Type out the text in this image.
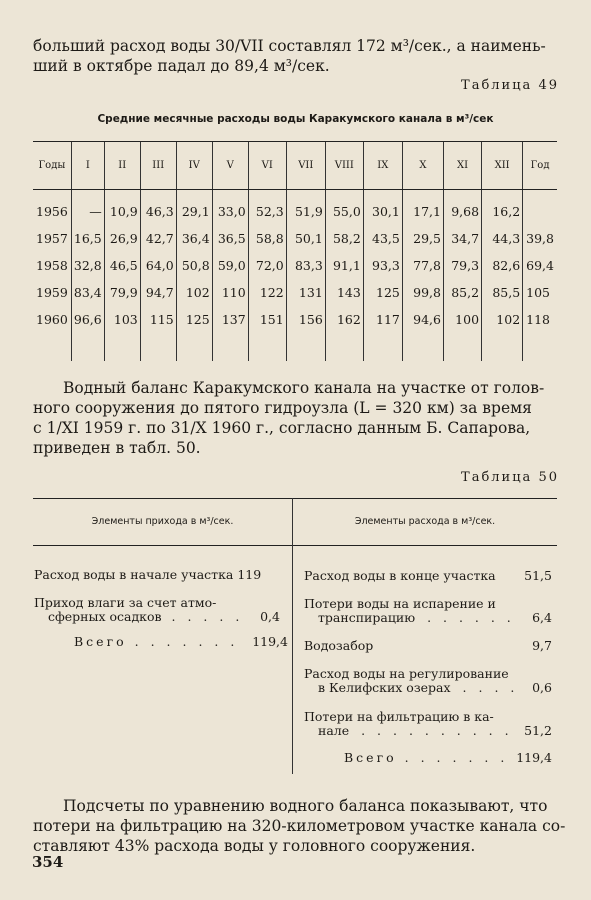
больший расход воды 30/VII составлял 172 м³/сек., а наимень-
ший в октябре падал до 89,4 м³/сек.

Таблица 49
Средние месячные расходы воды Каракумского канала в м³/сек
Годы	I	II	III	IV	V	VI	VII	VIII	IX	X	XI	XII	Год

1956	—	10,9	46,3	29,1	33,0	52,3	51,9	55,0	30,1	17,1	9,68	16,2	
1957	16,5	26,9	42,7	36,4	36,5	58,8	50,1	58,2	43,5	29,5	34,7	44,3	39,8
1958	32,8	46,5	64,0	50,8	59,0	72,0	83,3	91,1	93,3	77,8	79,3	82,6	69,4
1959	83,4	79,9	94,7	102	110	122	131	143	125	99,8	85,2	85,5	105
1960	96,6	103	115	125	137	151	156	162	117	94,6	100	102	118

Водный баланс Каракумского канала на участке от голов-
ного сооружения до пятого гидроузла (L = 320 км) за время
с 1/XI 1959 г. по 31/X 1960 г., согласно данным Б. Сапарова,
приведен в табл. 50.

Таблица 50
Элементы прихода в м³/сек.	Элементы расхода в м³/сек.
Расход воды в начале участка 119
Приход влаги за счет атмо-
сферных осадков . . . . . 0,4
Всего . . . . . . . 119,4
Расход воды в конце участка 51,5
Потери воды на испарение и
транспирацию . . . . . . 6,4
Водозабор	9,7
Расход воды на регулирование
в Келифских озерах . . . . 0,6
Потери на фильтрацию в ка-
нале . . . . . . . . . . 51,2
Всего . . . . . . . 119,4

Подсчеты по уравнению водного баланса показывают, что
потери на фильтрацию на 320-километровом участке канала со-
ставляют 43% расхода воды у головного сооружения.

354
